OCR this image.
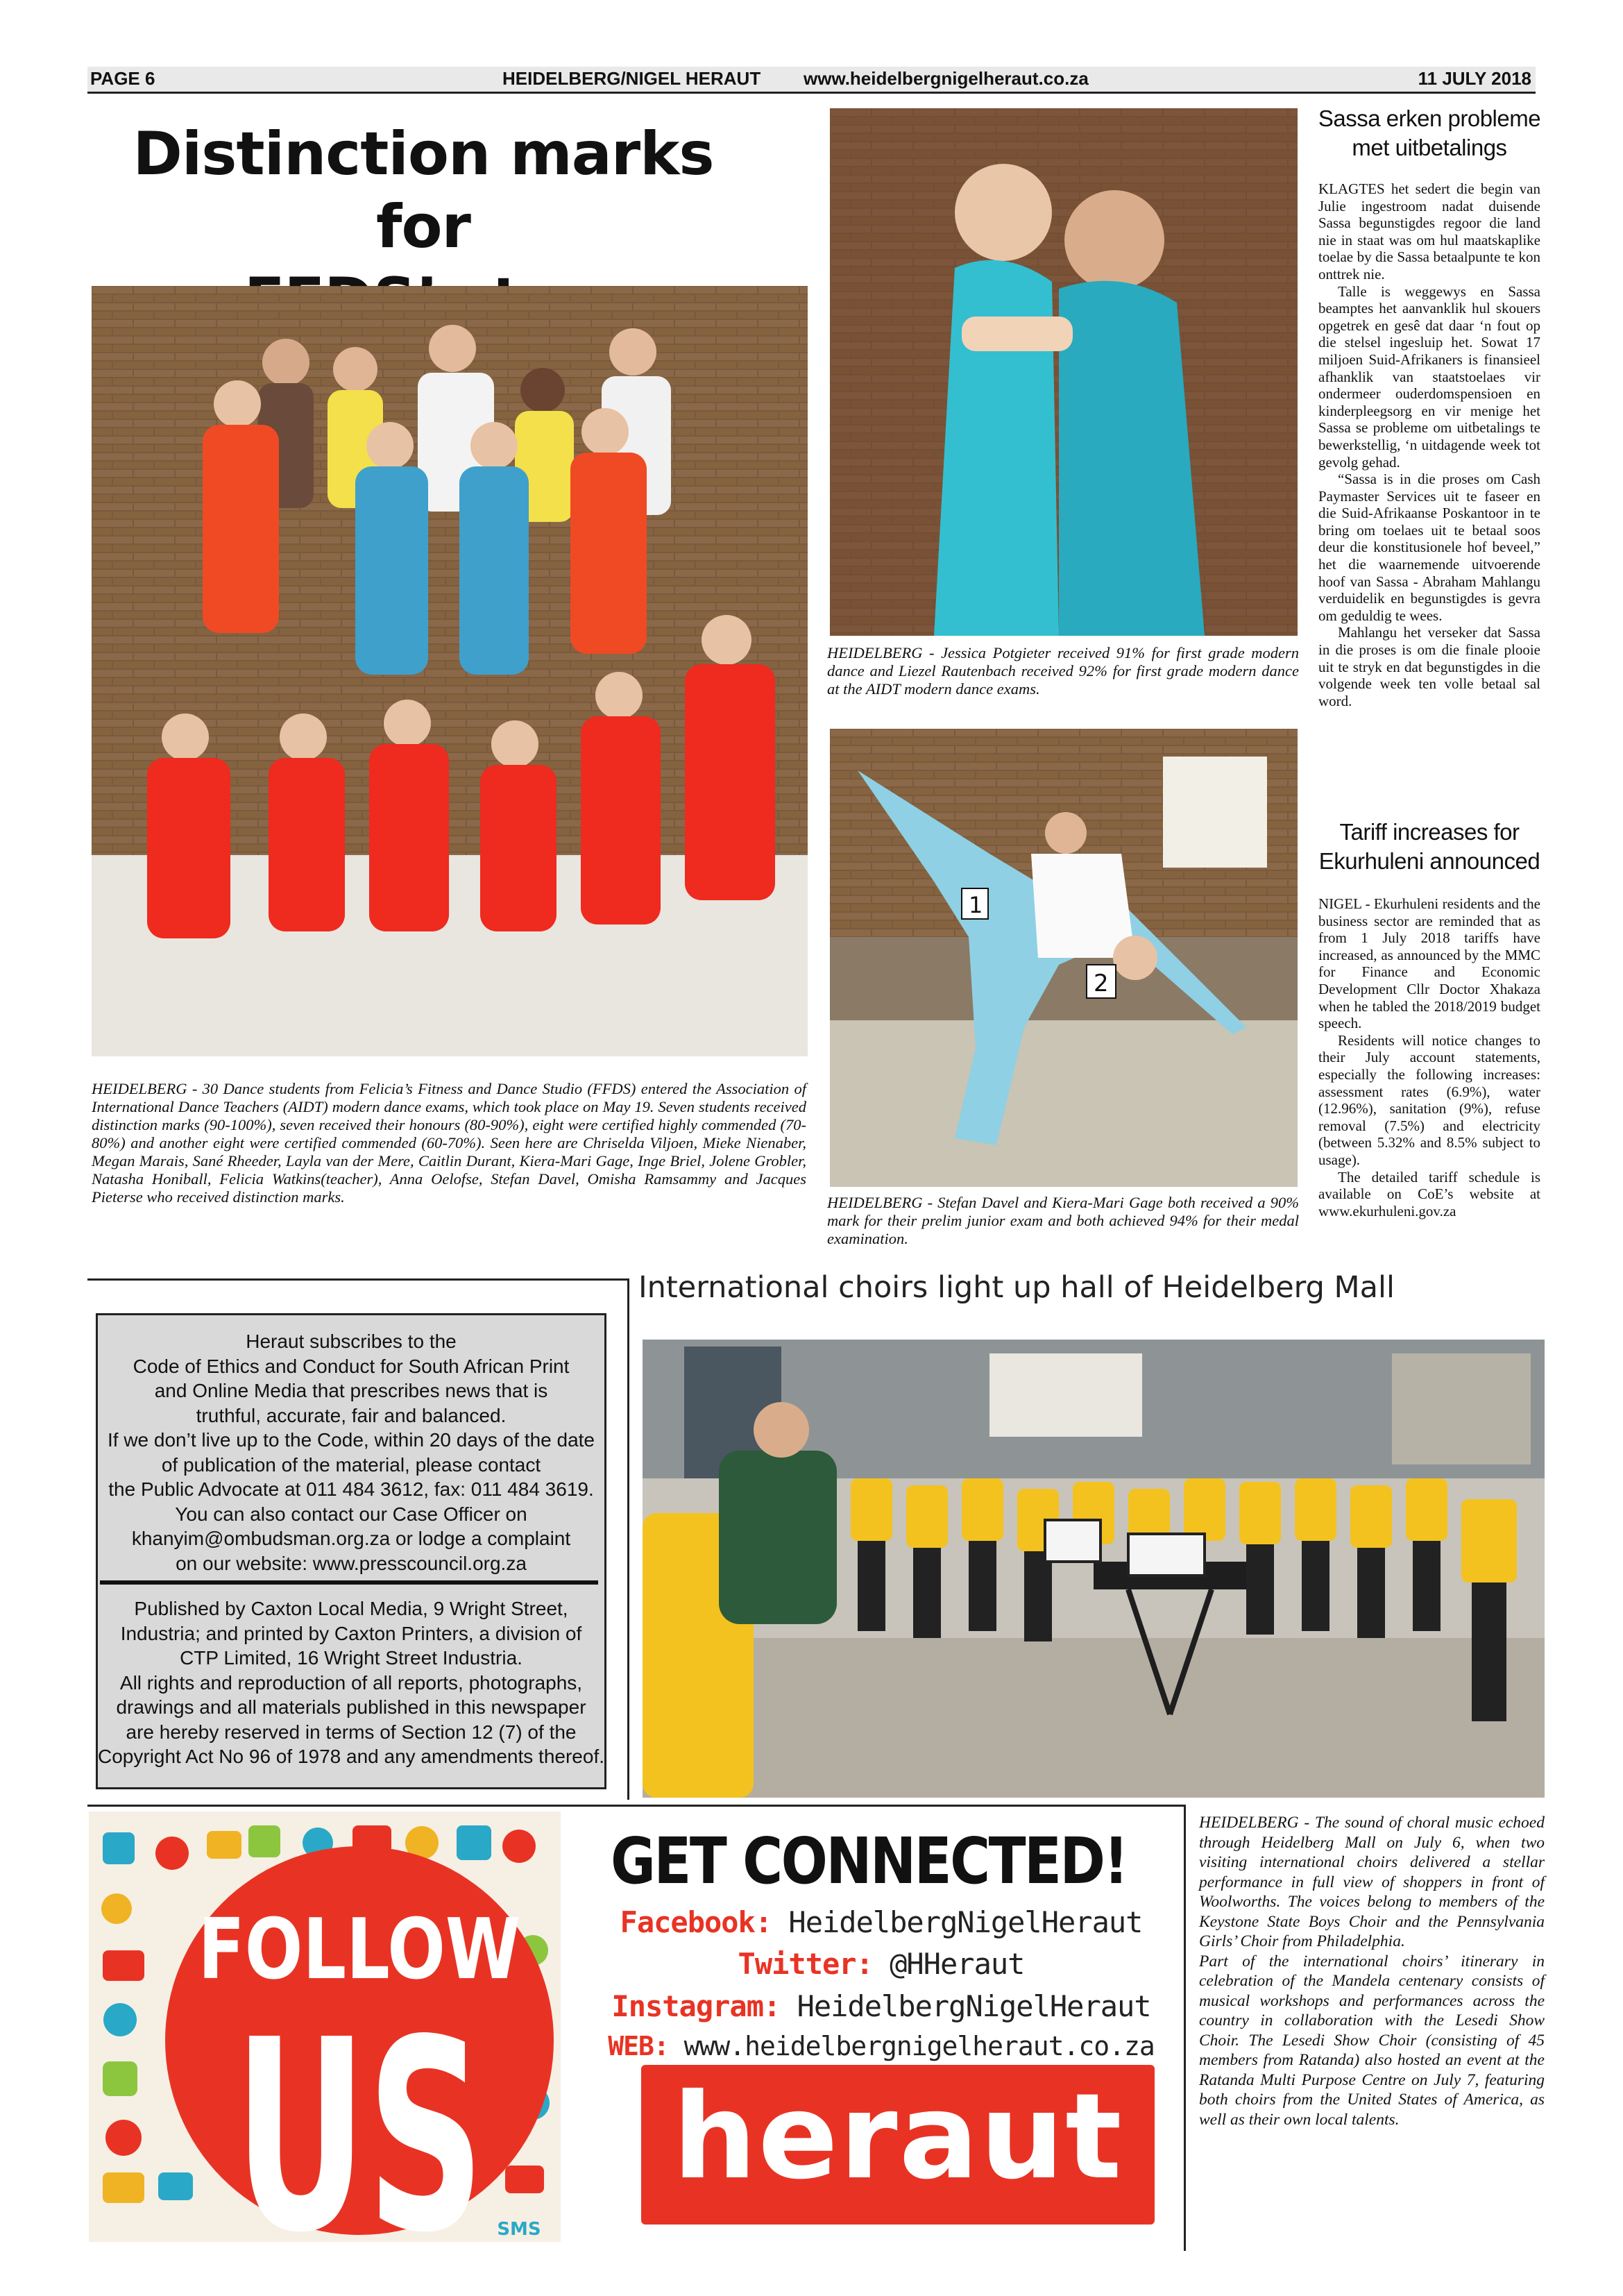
PAGE 6	HEIDELBERG/NIGEL HERAUT www.heidelbergnigelheraut.co.za	11 JULY 2018
Distinction marks for
HEIDELBERG - 30 Dance students from Felicia’s Fitness and Dance Studio (FFDS) entered the Association of International Dance Teachers (AIDT) modern dance exams, which took place on May 19. Seven students received distinction marks (90-100%), seven received their honours (80-90%), eight were certified highly commended (70-80%) and another eight were certified commended (60-70%). Seen here are Chriselda Viljoen, Mieke Nienaber, Megan Marais, Sané Rheeder, Layla van der Mere, Caitlin Durant, Kiera-Mari Gage, Inge Briel, Jolene Grobler, Natasha Honiball, Felicia Watkins(teacher), Anna Oelofse, Stefan Davel, Omisha Ramsammy and Jacques Pieterse who received distinction marks.
HEIDELBERG - Jessica Potgieter received 91% for first grade modern dance and Liezel Rautenbach received 92% for first grade modern dance at the AIDT modern dance exams.
1
2
HEIDELBERG - Stefan Davel and Kiera-Mari Gage both received a 90% mark for their prelim junior exam and both achieved 94% for their medal examination.
Sassa erken probleme
met uitbetalings

KLAGTES het sedert die begin van Julie ingestroom nadat duisende Sassa begunstigdes regoor die land nie in staat was om hul maatskaplike toelae by die Sassa betaalpunte te kon onttrek nie.

Talle is weggewys en Sassa beamptes het aanvanklik hul skouers opgetrek en gesê dat daar ‘n fout op die stelsel ingesluip het. Sowat 17 miljoen Suid-Afrikaners is finansieel afhanklik van staatstoelaes vir ondermeer ouderdomspensioen en kinderpleegsorg en vir menige het Sassa se probleme om uitbetalings te bewerkstellig, ‘n uitdagende week tot gevolg gehad.

“Sassa is in die proses om Cash Paymaster Services uit te faseer en die Suid-Afrikaanse Poskantoor in te bring om toelaes uit te betaal soos deur die konstitusionele hof beveel,” het die waarnemende uitvoerende hoof van Sassa - Abraham Mahlangu verduidelik en begunstigdes is gevra om geduldig te wees.

Mahlangu het verseker dat Sassa in die proses is om die finale plooie uit te stryk en dat begunstigdes in die volgende week ten volle betaal sal word.

Tariff increases for
Ekurhuleni announced

NIGEL - Ekurhuleni residents and the business sector are reminded that as from 1 July 2018 tariffs have increased, as announced by the MMC for Finance and Economic Development Cllr Doctor Xhakaza when he tabled the 2018/2019 budget speech.

Residents will notice changes to their July account statements, especially the following increases: assessment rates (6.9%), water (12.96%), sanitation (9%), refuse removal (7.5%) and electricity (between 5.32% and 8.5% subject to usage).

The detailed tariff schedule is available on CoE’s website at www.ekurhuleni.gov.za

Heraut subscribes to the
Code of Ethics and Conduct for South African Print
and Online Media that prescribes news that is
truthful, accurate, fair and balanced.
If we don’t live up to the Code, within 20 days of the date
of publication of the material, please contact
the Public Advocate at 011 484 3612, fax: 011 484 3619.
You can also contact our Case Officer on
khanyim@ombudsman.org.za or lodge a complaint
on our website: www.presscouncil.org.za
Published by Caxton Local Media, 9 Wright Street,
Industria; and printed by Caxton Printers, a division of
CTP Limited, 16 Wright Street Industria.
All rights and reproduction of all reports, photographs,
drawings and all materials published in this newspaper
are hereby reserved in terms of Section 12 (7) of the
Copyright Act No 96 of 1978 and any amendments thereof.
International choirs light up hall of Heidelberg Mall
HEIDELBERG - The sound of choral music echoed through Heidelberg Mall on July 6, when two visiting international choirs delivered a stellar performance in full view of shoppers in front of Woolworths. The voices belong to members of the Keystone State Boys Choir and the Pennsylvania Girls’ Choir from Philadelphia.
Part of the international choirs’ itinerary in celebration of the Mandela centenary consists of musical workshops and performances across the country in collaboration with the Lesedi Show Choir. The Lesedi Show Choir (consisting of 45 members from Ratanda) also hosted an event at the Ratanda Multi Purpose Centre on July 7, featuring both choirs from the United States of America, as well as their own local talents.
FOLLOW
US SMS
GET CONNECTED!
Facebook: HeidelbergNigelHeraut
Twitter: @HHeraut
Instagram: HeidelbergNigelHeraut
WEB: www.heidelbergnigelheraut.co.za
heraut
